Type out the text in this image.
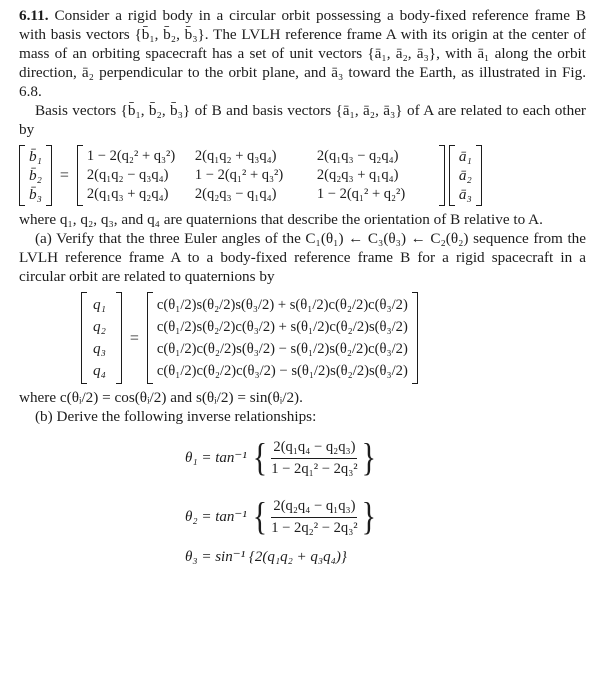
6.11. Consider a rigid body in a circular orbit possessing a body-fixed reference frame B with basis vectors {b̄₁, b̄₂, b̄₃}. The LVLH reference frame A with its origin at the center of mass of an orbiting spacecraft has a set of unit vectors {ā₁, ā₂, ā₃}, with ā₁ along the orbit direction, ā₂ perpendicular to the orbit plane, and ā₃ toward the Earth, as illustrated in Fig. 6.8.

Basis vectors {b̄₁, b̄₂, b̄₃} of B and basis vectors {ā₁, ā₂, ā₃} of A are related to each other by

b̄₁
b̄₂
b̄₃
=
1 − 2(q₂² + q₃²)	2(q₁q₂ + q₃q₄)	2(q₁q₃ − q₂q₄)
2(q₁q₂ − q₃q₄)	1 − 2(q₁² + q₃²)	2(q₂q₃ + q₁q₄)
2(q₁q₃ + q₂q₄)	2(q₂q₃ − q₁q₄)	1 − 2(q₁² + q₂²)
ā₁
ā₂
ā₃

where q₁, q₂, q₃, and q₄ are quaternions that describe the orientation of B relative to A.

(a) Verify that the three Euler angles of the C₁(θ₁) ← C₃(θ₃) ← C₂(θ₂) sequence from the LVLH reference frame A to a body-fixed reference frame B for a rigid spacecraft in a circular orbit are related to quaternions by

q₁
q₂
q₃
q₄
=
c(θ₁/2)s(θ₂/2)s(θ₃/2) + s(θ₁/2)c(θ₂/2)c(θ₃/2)
c(θ₁/2)s(θ₂/2)c(θ₃/2) + s(θ₁/2)c(θ₂/2)s(θ₃/2)
c(θ₁/2)c(θ₂/2)s(θ₃/2) − s(θ₁/2)s(θ₂/2)c(θ₃/2)
c(θ₁/2)c(θ₂/2)c(θ₃/2) − s(θ₁/2)s(θ₂/2)s(θ₃/2)

where c(θᵢ/2) = cos(θᵢ/2) and s(θᵢ/2) = sin(θᵢ/2).

(b) Derive the following inverse relationships:

θ₁ = tan⁻¹ { $\frac{\text{2(q₁q₄ − q₂q₃)}}{\text{1 − 2q₁² − 2q₃²}}$ }
θ₂ = tan⁻¹ { $\frac{\text{2(q₂q₄ − q₁q₃)}}{\text{1 − 2q₂² − 2q₃²}}$ }
θ₃ = sin⁻¹ {2(q₁q₂ + q₃q₄)}
